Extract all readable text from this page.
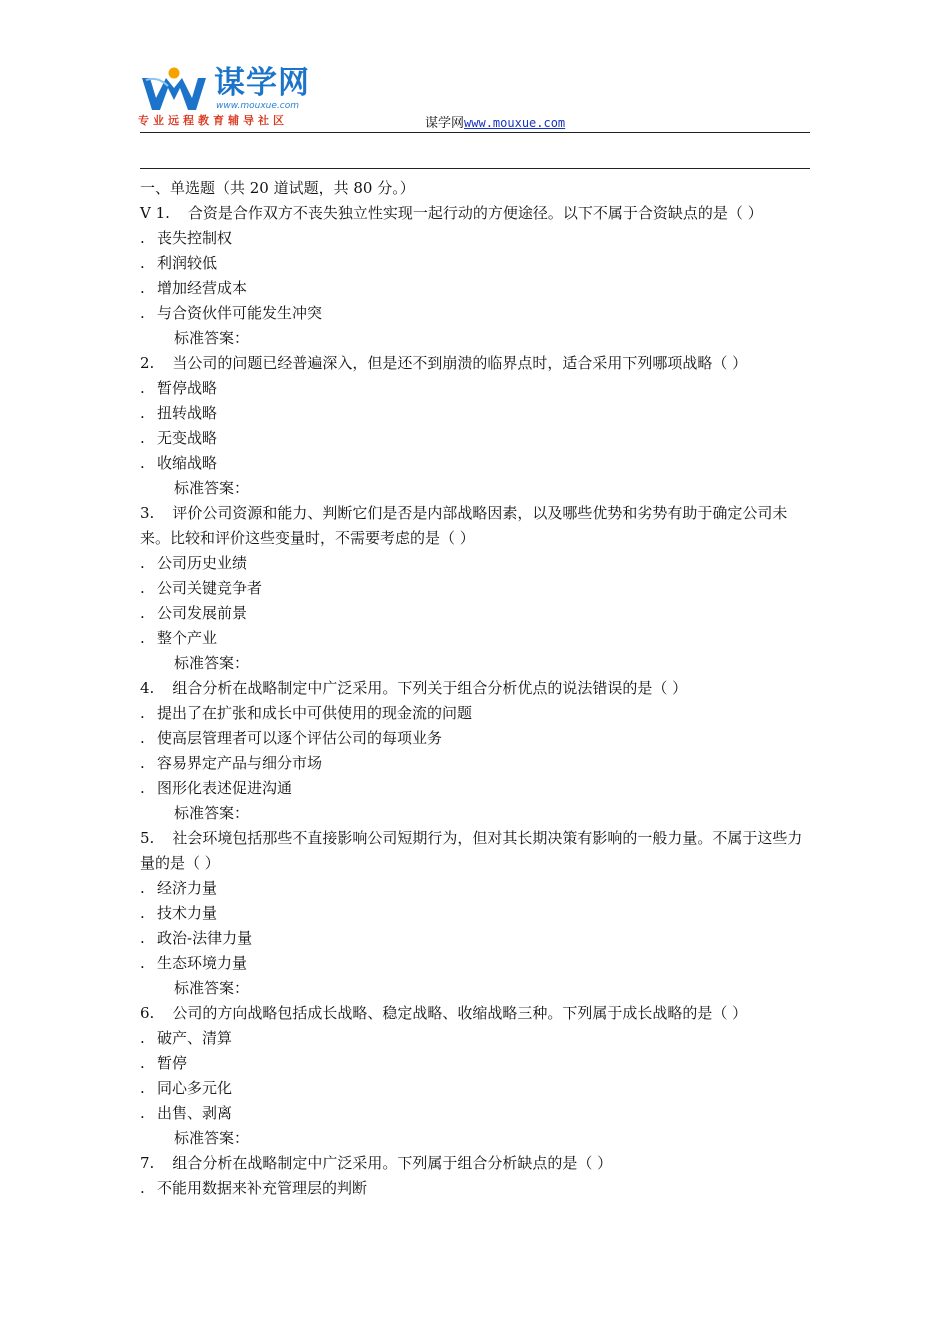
谋学网
www.mouxue.com
专业远程教育辅导社区	谋学网www.mouxue.com
一、单选题（共 20 道试题，共 80 分。）
V 1. 合资是合作双方不丧失独立性实现一起行动的方便途径。以下不属于合资缺点的是（ ）
. 丧失控制权
. 利润较低
. 增加经营成本
. 与合资伙伴可能发生冲突
标准答案：
2. 当公司的问题已经普遍深入，但是还不到崩溃的临界点时，适合采用下列哪项战略（ ）
. 暂停战略
. 扭转战略
. 无变战略
. 收缩战略
标准答案：
3. 评价公司资源和能力、判断它们是否是内部战略因素，以及哪些优势和劣势有助于确定公司未来。比较和评价这些变量时，不需要考虑的是（ ）
. 公司历史业绩
. 公司关键竞争者
. 公司发展前景
. 整个产业
标准答案：
4. 组合分析在战略制定中广泛采用。下列关于组合分析优点的说法错误的是（ ）
. 提出了在扩张和成长中可供使用的现金流的问题
. 使高层管理者可以逐个评估公司的每项业务
. 容易界定产品与细分市场
. 图形化表述促进沟通
标准答案：
5. 社会环境包括那些不直接影响公司短期行为，但对其长期决策有影响的一般力量。不属于这些力量的是（ ）
. 经济力量
. 技术力量
. 政治-法律力量
. 生态环境力量
标准答案：
6. 公司的方向战略包括成长战略、稳定战略、收缩战略三种。下列属于成长战略的是（ ）
. 破产、清算
. 暂停
. 同心多元化
. 出售、剥离
标准答案：
7. 组合分析在战略制定中广泛采用。下列属于组合分析缺点的是（ ）
. 不能用数据来补充管理层的判断
